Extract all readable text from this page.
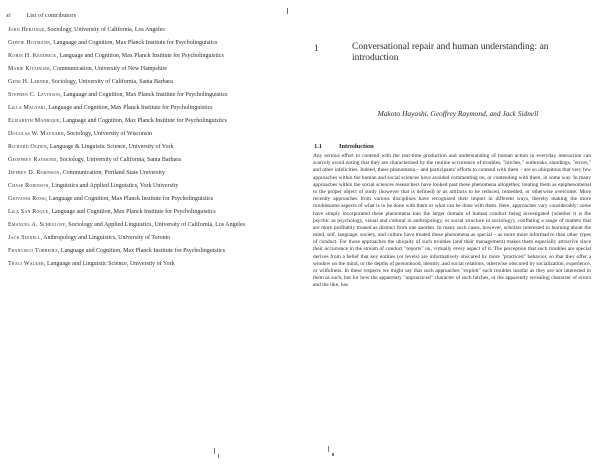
xi	List of contributors
John Heritage, Sociology, University of California, Los Angeles
Gertie Hoymann, Language and Cognition, Max Planck Institute for Psycholinguistics
Kobin H. Kendrick, Language and Cognition, Max Planck Institute for Psycholinguistics
Marie Kitzinger, Communication, University of New Hampshire
Gene H. Lerner, Sociology, University of California, Santa Barbara
Stephen C. Levinson, Language and Cognition, Max Planck Institute for Psycholinguistics
Lilla Magyari, Language and Cognition, Max Planck Institute for Psycholinguistics
Elizabeth Manrique, Language and Cognition, Max Planck Institute for Psycholinguistics
Douglas W. Maynard, Sociology, University of Wisconsin
Richard Ogden, Language & Linguistic Science, University of York
Geoffrey Raymond, Sociology, University of California, Santa Barbara
Jeffrey D. Robinson, Communication, Portland State University
Chase Robinson, Linguistics and Applied Linguistics, York University
Giovanni Rossi, Language and Cognition, Max Planck Institute for Psycholinguistics
Lila San Roque, Language and Cognition, Max Planck Institute for Psycholinguistics
Emanuel A. Schegloff, Sociology and Applied Linguistics, University of California, Los Angeles
Jack Sidnell, Anthropology and Linguistics, University of Toronto
Francisco Torreira, Language and Cognition, Max Planck Institute for Psycholinguistics
Traci Walker, Language and Linguistic Science, University of York
1	Conversational repair and human understanding: an introduction
Makoto Hayashi, Geoffrey Raymond, and Jack Sidnell
1.1	Introduction

Any serious effort to contend with the real-time production and understanding of human action in everyday interaction can scarcely avoid noting that they are characterized by the routine occurrence of troubles, "hitches," outbreaks, standings, "errors," and other infelicities. Indeed, these phenomena – and participants' efforts to contend with them – are so ubiquitous that very few approaches within the human and social sciences have avoided commenting on, or contending with them, in some way. In many approaches within the social sciences researchers have looked past these phenomena altogether, treating them as epiphenomenal to the proper object of study (however that is defined) or as artifacts to be reduced, remedied, or otherwise overcome. More recently approaches from various disciplines have recognized their import in different ways, thereby making the more troublesome aspects of what is to be done with them or what can be done with them. Here, approaches vary considerably: some have simply incorporated these phenomena into the larger domain of human conduct being investigated (whether it is the psychic as psychology, visual and cultural in anthropology, or social structure in sociology), conflating a range of matters that are more profitably treated as distinct from one another. In many such cases, however, scholars interested in learning about the mind, self, language, society, and culture have treated these phenomena as special – as more more informative than other types of conduct. For those approaches the ubiquity of such troubles (and their management) makes them especially attractive since their occurrence in the stream of conduct "reports" on, virtually every aspect of it. The perception that such troubles are special derives from a belief that key entities (or levels) are informatively obscured by more "practiced" behavior, so that they offer a window on the mind, or the depths of personhood, identity, and social relations, otherwise obscured by socialization, experience, or wilfulness. In these respects we might say that such approaches "exploit" such troubles insofar as they are not interested in them as such, but for how the apparently "unpracticed" character of such hitches, or the apparently revealing character of errors and the like, has
